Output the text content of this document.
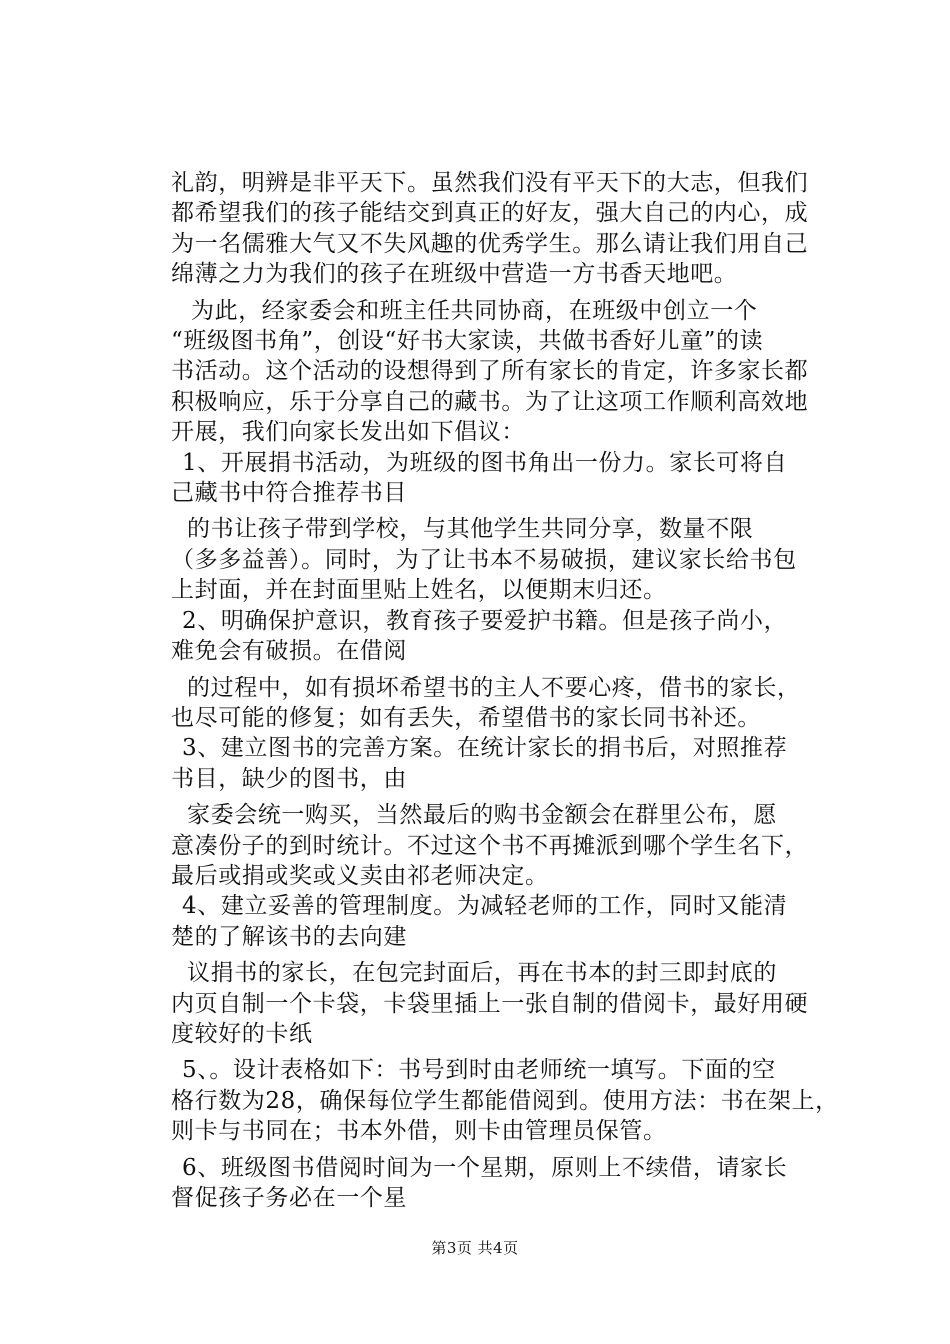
礼韵，明辨是非平天下。虽然我们没有平天下的大志，但我们
都希望我们的孩子能结交到真正的好友，强大自己的内心，成
为一名儒雅大气又不失风趣的优秀学生。那么请让我们用自己
绵薄之力为我们的孩子在班级中营造一方书香天地吧。
为此，经家委会和班主任共同协商，在班级中创立一个
“班级图书角”，创设“好书大家读，共做书香好儿童”的读
书活动。这个活动的设想得到了所有家长的肯定，许多家长都
积极响应，乐于分享自己的藏书。为了让这项工作顺利高效地
开展，我们向家长发出如下倡议：
1、开展捐书活动，为班级的图书角出一份力。家长可将自
己藏书中符合推荐书目
的书让孩子带到学校，与其他学生共同分享，数量不限
（多多益善）。同时，为了让书本不易破损，建议家长给书包
上封面，并在封面里贴上姓名，以便期末归还。
2、明确保护意识，教育孩子要爱护书籍。但是孩子尚小，
难免会有破损。在借阅
的过程中，如有损坏希望书的主人不要心疼，借书的家长，
也尽可能的修复；如有丢失，希望借书的家长同书补还。
3、建立图书的完善方案。在统计家长的捐书后，对照推荐
书目，缺少的图书，由
家委会统一购买，当然最后的购书金额会在群里公布，愿
意凑份子的到时统计。不过这个书不再摊派到哪个学生名下，
最后或捐或奖或义卖由祁老师决定。
4、建立妥善的管理制度。为减轻老师的工作，同时又能清
楚的了解该书的去向建
议捐书的家长，在包完封面后，再在书本的封三即封底的
内页自制一个卡袋，卡袋里插上一张自制的借阅卡，最好用硬
度较好的卡纸
5、。设计表格如下：书号到时由老师统一填写。下面的空
格行数为28，确保每位学生都能借阅到。使用方法：书在架上，
则卡与书同在；书本外借，则卡由管理员保管。
6、班级图书借阅时间为一个星期，原则上不续借，请家长
督促孩子务必在一个星
第3页 共4页
